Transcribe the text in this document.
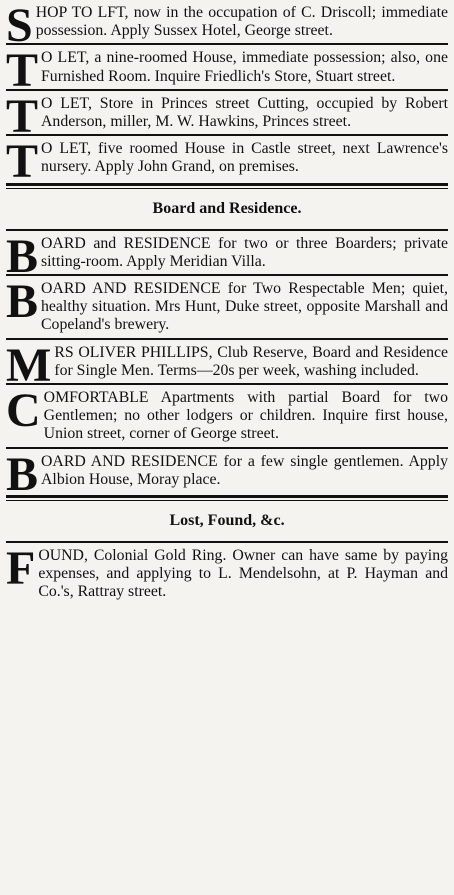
SHOP TO LFT, now in the occupation of C. Driscoll; immediate possession. Apply Sussex Hotel, George street.

T O LET, a nine-roomed House, immediate possession; also, one Furnished Room. Inquire Friedlich's Store, Stuart street.

T O LET, Store in Princes street Cutting, occupied by Robert Anderson, miller, M. W. Hawkins, Princes street.

T O LET, five roomed House in Castle street, next Lawrence's nursery. Apply John Grand, on premises.

Board and Residence.

BOARD and RESIDENCE for two or three Boarders; private sitting-room. Apply Meridian Villa.

BOARD AND RESIDENCE for Two Respectable Men; quiet, healthy situation. Mrs Hunt, Duke street, opposite Marshall and Copeland's brewery.

MRS OLIVER PHILLIPS, Club Reserve, Board and Residence for Single Men. Terms—20s per week, washing included.

COMFORTABLE Apartments with partial Board for two Gentlemen; no other lodgers or children. Inquire first house, Union street, corner of George street.

BOARD AND RESIDENCE for a few single gentlemen. Apply Albion House, Moray place.

Lost, Found, &c.

FOUND, Colonial Gold Ring. Owner can have same by paying expenses, and applying to L. Mendelsohn, at P. Hayman and Co.'s, Rattray street.
